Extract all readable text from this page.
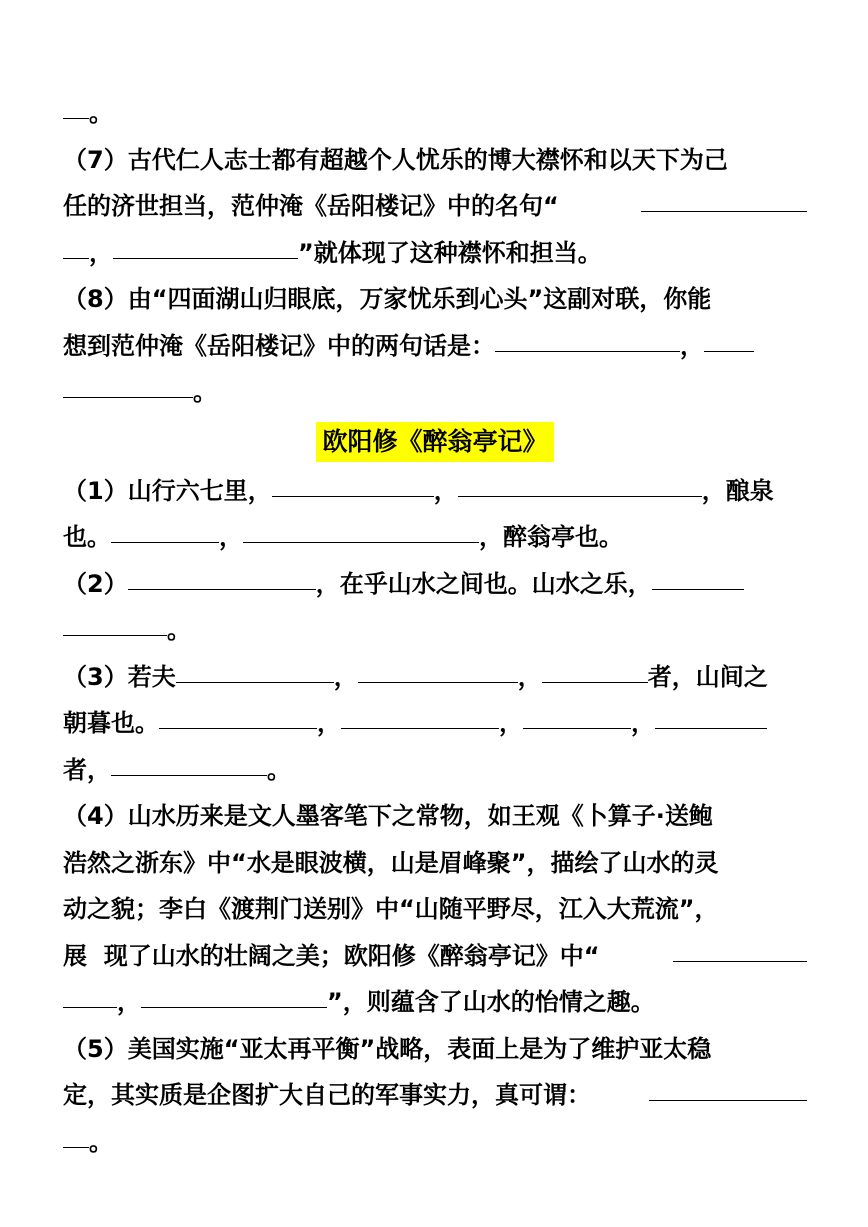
。
（7）古代仁人志士都有超越个人忧乐的博大襟怀和以天下为己
任的济世担当，范仲淹《岳阳楼记》中的名句“
，	”就体现了这种襟怀和担当。
（8）由“四面湖山归眼底，万家忧乐到心头”这副对联，你能
想到范仲淹《岳阳楼记》中的两句话是：	，
。
欧阳修《醉翁亭记》
（1）山行六七里，	，	，酿泉
也。	，	，醉翁亭也。
（2）	，在乎山水之间也。山水之乐，
。
（3）若夫	，	，	者，山间之
朝暮也。	，	，	，
者，	。
（4）山水历来是文人墨客笔下之常物，如王观《卜算子·送鲍
浩然之浙东》中“水是眼波横，山是眉峰聚”，描绘了山水的灵
动之貌；李白《渡荆门送别》中“山随平野尽，江入大荒流”，
展  现了山水的壮阔之美；欧阳修《醉翁亭记》中“
，	”，则蕴含了山水的怡情之趣。
（5）美国实施“亚太再平衡”战略，表面上是为了维护亚太稳
定，其实质是企图扩大自己的军事实力，真可谓：
。
